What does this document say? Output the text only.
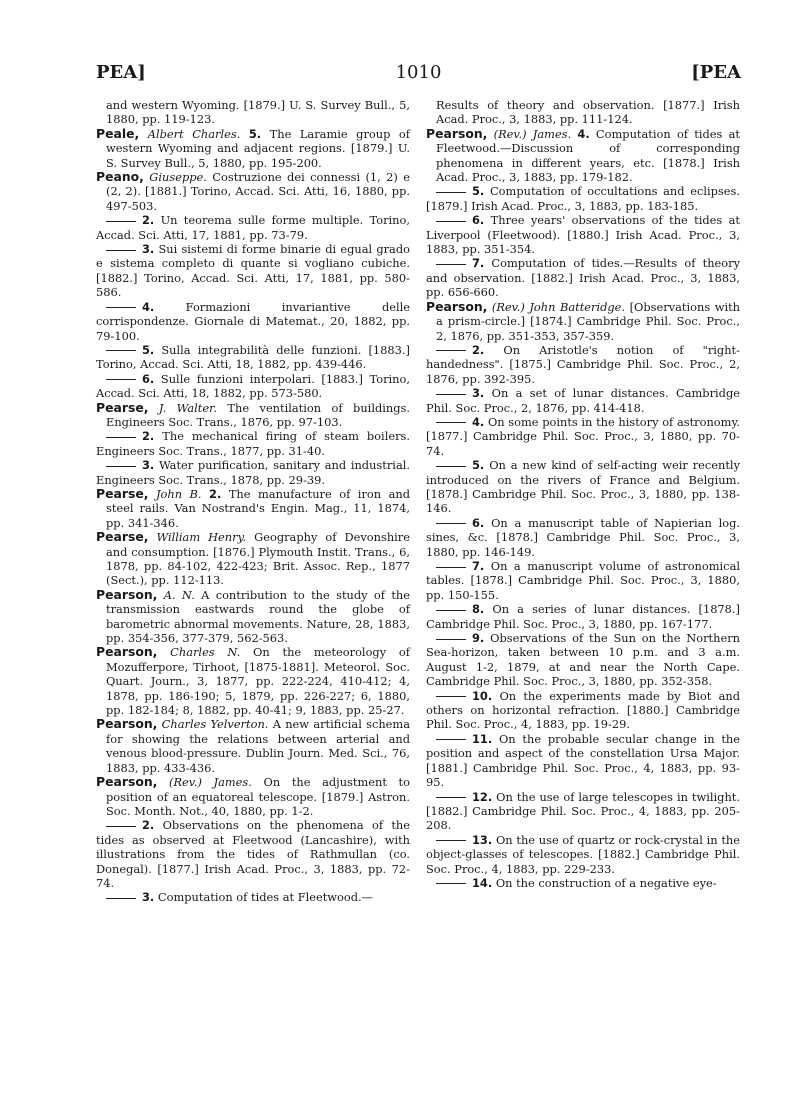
PEA]	1010	[PEA

and western Wyoming. [1879.] U. S. Survey Bull., 5, 1880, pp. 119-123.

Peale, Albert Charles. 5. The Laramie group of western Wyoming and adjacent regions. [1879.] U. S. Survey Bull., 5, 1880, pp. 195-200.

Peano, Giuseppe. Costruzione dei connessi (1, 2) e (2, 2). [1881.] Torino, Accad. Sci. Atti, 16, 1880, pp. 497-503.

2. Un teorema sulle forme multiple. Torino, Accad. Sci. Atti, 17, 1881, pp. 73-79.

3. Sui sistemi di forme binarie di egual grado e sistema completo di quante si vogliano cubiche. [1882.] Torino, Accad. Sci. Atti, 17, 1881, pp. 580-586.

4.	Formazioni invariantive delle corrispondenze. Giornale di Matemat., 20, 1882, pp. 79-100.

5. Sulla integrabilità delle funzioni. [1883.] Torino, Accad. Sci. Atti, 18, 1882, pp. 439-446.

6. Sulle funzioni interpolari. [1883.] Torino, Accad. Sci. Atti, 18, 1882, pp. 573-580.

Pearse, J. Walter. The ventilation of buildings. Engineers Soc. Trans., 1876, pp. 97-103.

2. The mechanical firing of steam boilers. Engineers Soc. Trans., 1877, pp. 31-40.

3. Water purification, sanitary and industrial. Engineers Soc. Trans., 1878, pp. 29-39.

Pearse, John B. 2. The manufacture of iron and steel rails. Van Nostrand's Engin. Mag., 11, 1874, pp. 341-346.

Pearse, William Henry. Geography of Devonshire and consumption. [1876.] Plymouth Instit. Trans., 6, 1878, pp. 84-102, 422-423; Brit. Assoc. Rep., 1877 (Sect.), pp. 112-113.

Pearson, A. N. A contribution to the study of the transmission eastwards round the globe of barometric abnormal movements. Nature, 28, 1883, pp. 354-356, 377-379, 562-563.

Pearson, Charles N. On the meteorology of Mozufferpore, Tirhoot, [1875-1881]. Meteorol. Soc. Quart. Journ., 3, 1877, pp. 222-224, 410-412; 4, 1878, pp. 186-190; 5, 1879, pp. 226-227; 6, 1880, pp. 182-184; 8, 1882, pp. 40-41; 9, 1883, pp. 25-27.

Pearson, Charles Yelverton. A new artificial schema for showing the relations between arterial and venous blood-pressure. Dublin Journ. Med. Sci., 76, 1883, pp. 433-436.

Pearson, (Rev.) James. On the adjustment to position of an equatoreal telescope. [1879.] Astron. Soc. Month. Not., 40, 1880, pp. 1-2.

2. Observations on the phenomena of the tides as observed at Fleetwood (Lancashire), with illustrations from the tides of Rathmullan (co. Donegal). [1877.] Irish Acad. Proc., 3, 1883, pp. 72-74.

3. Computation of tides at Fleetwood.—

Results of theory and observation. [1877.] Irish Acad. Proc., 3, 1883, pp. 111-124.

Pearson, (Rev.) James. 4. Computation of tides at Fleetwood.—Discussion of corresponding phenomena in different years, etc. [1878.] Irish Acad. Proc., 3, 1883, pp. 179-182.

5. Computation of occultations and eclipses. [1879.] Irish Acad. Proc., 3, 1883, pp. 183-185.

6. Three years' observations of the tides at Liverpool (Fleetwood). [1880.] Irish Acad. Proc., 3, 1883, pp. 351-354.

7. Computation of tides.—Results of theory and observation. [1882.] Irish Acad. Proc., 3, 1883, pp. 656-660.

Pearson, (Rev.) John Batteridge. [Observations with a prism-circle.] [1874.] Cambridge Phil. Soc. Proc., 2, 1876, pp. 351-353, 357-359.

2. On Aristotle's notion of "right-handedness". [1875.] Cambridge Phil. Soc. Proc., 2, 1876, pp. 392-395.

3. On a set of lunar distances. Cambridge Phil. Soc. Proc., 2, 1876, pp. 414-418.

4. On some points in the history of astronomy. [1877.] Cambridge Phil. Soc. Proc., 3, 1880, pp. 70-74.

5. On a new kind of self-acting weir recently introduced on the rivers of France and Belgium. [1878.] Cambridge Phil. Soc. Proc., 3, 1880, pp. 138-146.

6. On a manuscript table of Napierian log. sines, &c. [1878.] Cambridge Phil. Soc. Proc., 3, 1880, pp. 146-149.

7. On a manuscript volume of astronomical tables. [1878.] Cambridge Phil. Soc. Proc., 3, 1880, pp. 150-155.

8. On a series of lunar distances. [1878.] Cambridge Phil. Soc. Proc., 3, 1880, pp. 167-177.

9. Observations of the Sun on the Northern Sea-horizon, taken between 10 p.m. and 3 a.m. August 1-2, 1879, at and near the North Cape. Cambridge Phil. Soc. Proc., 3, 1880, pp. 352-358.

10. On the experiments made by Biot and others on horizontal refraction. [1880.] Cambridge Phil. Soc. Proc., 4, 1883, pp. 19-29.

11. On the probable secular change in the position and aspect of the constellation Ursa Major. [1881.] Cambridge Phil. Soc. Proc., 4, 1883, pp. 93-95.

12. On the use of large telescopes in twilight. [1882.] Cambridge Phil. Soc. Proc., 4, 1883, pp. 205-208.

13. On the use of quartz or rock-crystal in the object-glasses of telescopes. [1882.] Cambridge Phil. Soc. Proc., 4, 1883, pp. 229-233.

14. On the construction of a negative eye-
